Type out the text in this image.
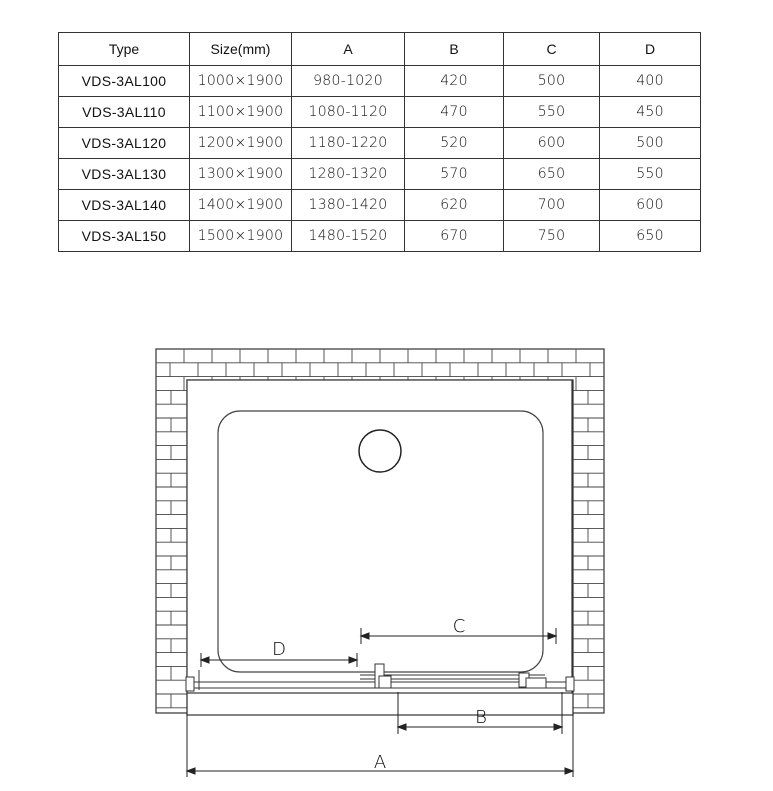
Type	Size(mm)	A	B	C	D
VDS-3AL100	1000×1900	980-1020	420	500	400
VDS-3AL110	1100×1900	1080-1120	470	550	450
VDS-3AL120	1200×1900	1180-1220	520	600	500
VDS-3AL130	1300×1900	1280-1320	570	650	550
VDS-3AL140	1400×1900	1380-1420	620	700	600
VDS-3AL150	1500×1900	1480-1520	670	750	650
D
C
B
A
